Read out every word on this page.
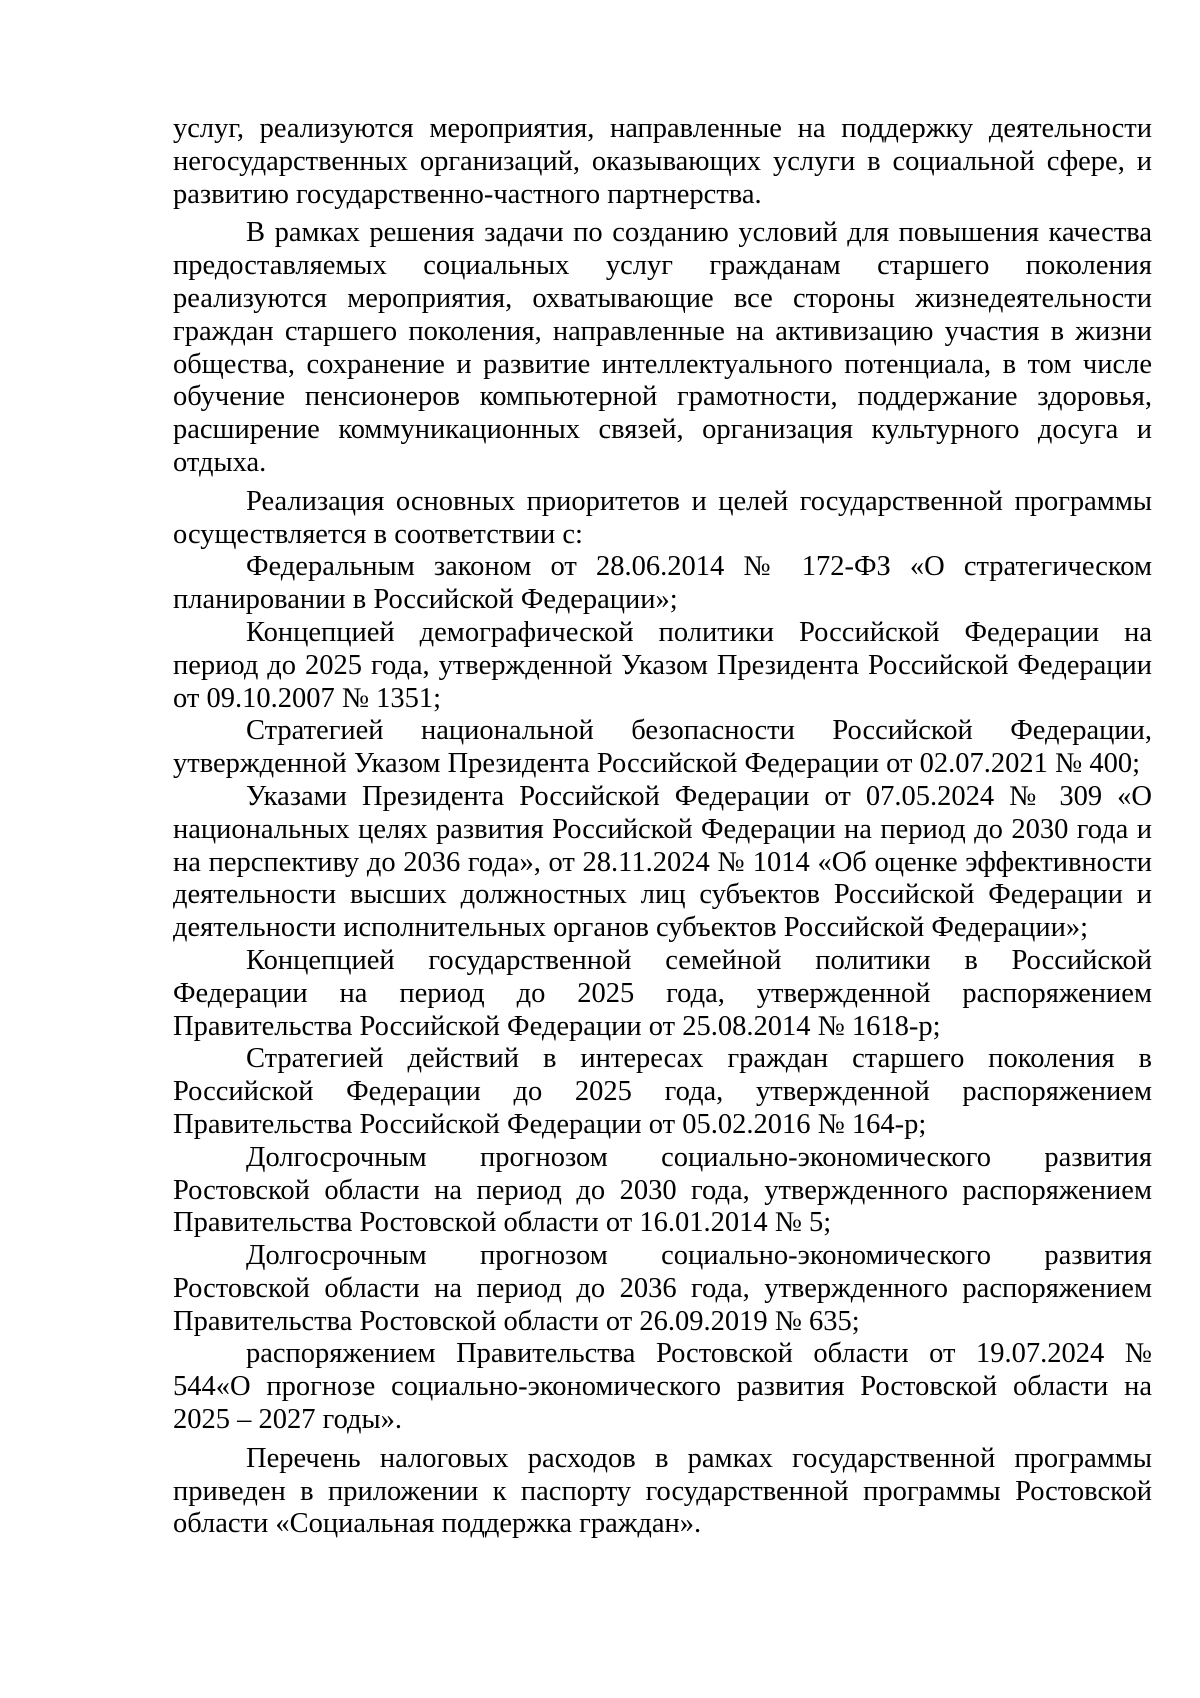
услуг, реализуются мероприятия, направленные на поддержку деятельности негосударственных организаций, оказывающих услуги в социальной сфере, и развитию государственно-частного партнерства.

В рамках решения задачи по созданию условий для повышения качества предоставляемых социальных услуг гражданам старшего поколения реализуются мероприятия, охватывающие все стороны жизнедеятельности граждан старшего поколения, направленные на активизацию участия в жизни общества, сохранение и развитие интеллектуального потенциала, в том числе обучение пенсионеров компьютерной грамотности, поддержание здоровья, расширение коммуникационных связей, организация культурного досуга и отдыха.

Реализация основных приоритетов и целей государственной программы осуществляется в соответствии с:

Федеральным законом от 28.06.2014 № 172-ФЗ «О стратегическом планировании в Российской Федерации»;

Концепцией демографической политики Российской Федерации на период до 2025 года, утвержденной Указом Президента Российской Федерации от 09.10.2007 № 1351;

Стратегией национальной безопасности Российской Федерации, утвержденной Указом Президента Российской Федерации от 02.07.2021 № 400;

Указами Президента Российской Федерации от 07.05.2024 № 309 «О национальных целях развития Российской Федерации на период до 2030 года и на перспективу до 2036 года», от 28.11.2024 № 1014 «Об оценке эффективности деятельности высших должностных лиц субъектов Российской Федерации и деятельности исполнительных органов субъектов Российской Федерации»;

Концепцией государственной семейной политики в Российской Федерации на период до 2025 года, утвержденной распоряжением Правительства Российской Федерации от 25.08.2014 № 1618-р;

Стратегией действий в интересах граждан старшего поколения в Российской Федерации до 2025 года, утвержденной распоряжением Правительства Российской Федерации от 05.02.2016 № 164-р;

Долгосрочным прогнозом социально-экономического развития Ростовской области на период до 2030 года, утвержденного распоряжением Правительства Ростовской области от 16.01.2014 № 5;

Долгосрочным прогнозом социально-экономического развития Ростовской области на период до 2036 года, утвержденного распоряжением Правительства Ростовской области от 26.09.2019 № 635;

распоряжением Правительства Ростовской области от 19.07.2024 № 544«О прогнозе социально-экономического развития Ростовской области на 2025 – 2027 годы».

Перечень налоговых расходов в рамках государственной программы приведен в приложении к паспорту государственной программы Ростовской области «Социальная поддержка граждан».
